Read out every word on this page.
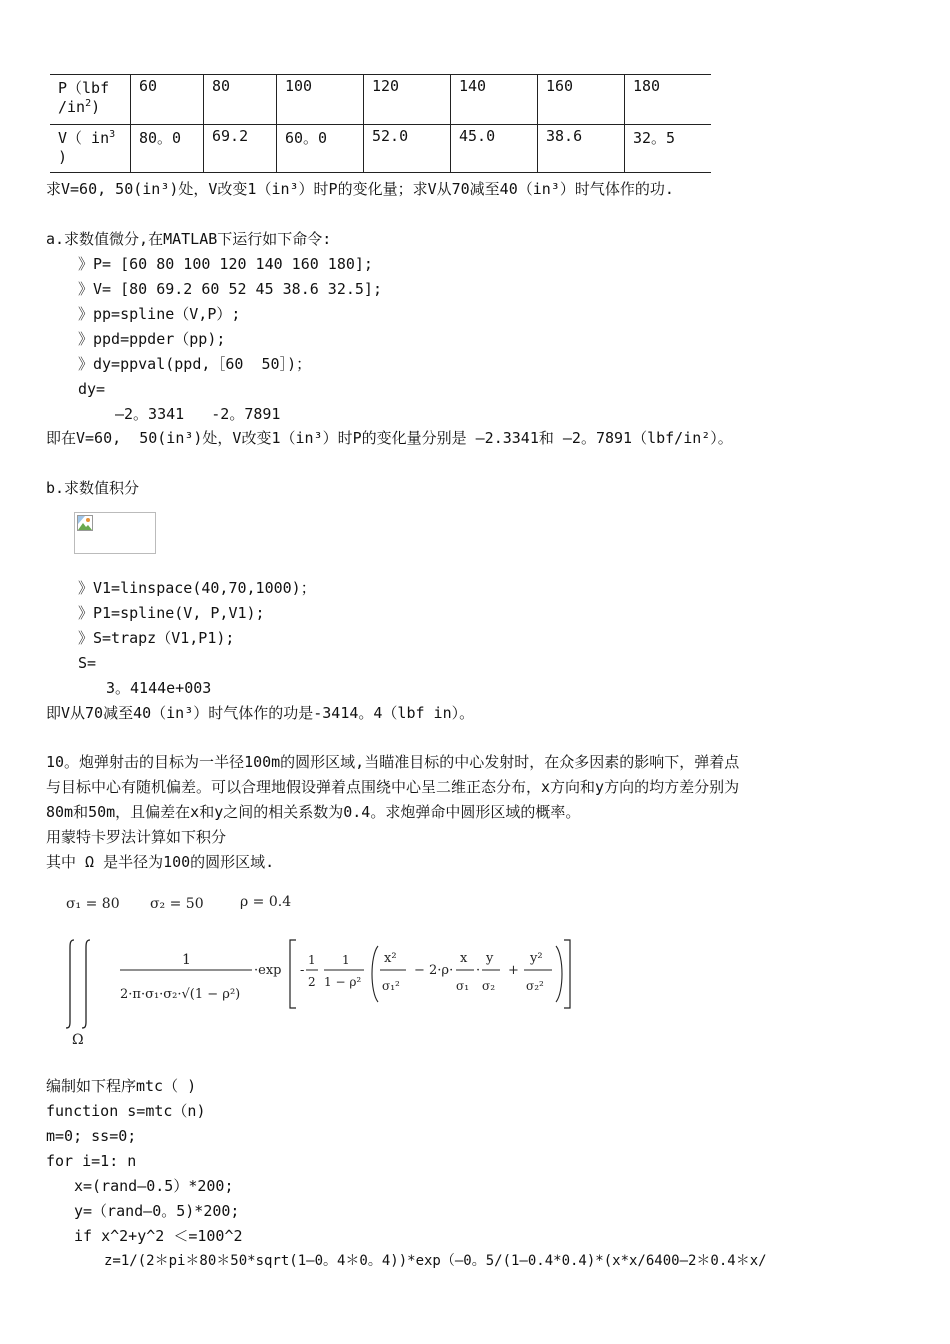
P（lbf
$/in^2$)	60	80	100	120	140	160	180
V（ $in^3$
)	80。0	69.2	60。0	52.0	45.0	38.6	32。5
求V=60, 50(in³)处，V改变1（in³）时P的变化量；求V从70减至40（in³）时气体作的功.
a.求数值微分,在MATLAB下运行如下命令:
》P= [60 80 100 120 140 160 180];
》V= [80 69.2 60 52 45 38.6 32.5];
》pp=spline（V,P）;
》ppd=ppder（pp);
》dy=ppval(ppd,［60  50］)；
dy=
—2。3341   -2。7891
即在V=60,  50(in³)处，V改变1（in³）时P的变化量分别是 —2.3341和 —2。7891（lbf/in²）。
b.求数值积分
》V1=linspace(40,70,1000)；
》P1=spline(V, P,V1);
》S=trapz（V1,P1);
S=
3。4144e+003
即V从70减至40（in³）时气体作的功是-3414。4（lbf in）。
10。炮弹射击的目标为一半径100m的圆形区域,当瞄准目标的中心发射时，在众多因素的影响下，弹着点
与目标中心有随机偏差。可以合理地假设弹着点围绕中心呈二维正态分布，x方向和y方向的均方差分别为
80m和50m，且偏差在x和y之间的相关系数为0.4。求炮弹命中圆形区域的概率。
用蒙特卡罗法计算如下积分
其中 Ω 是半径为100的圆形区域.
σ₁ = 80 σ₂ = 50	ρ = 0.4
Ω
1
2·π·σ₁·σ₂·√(1 − ρ²)
·exp -
1
2
1
1 − ρ²
x²
σ₁²
− 2·ρ·
x
σ₁
·
y
σ₂
+
y²
σ₂²
编制如下程序mtc（ )
function s=mtc（n)
m=0; ss=0;
for i=1: n
x=(rand—0.5）*200;
y=（rand—0。5)*200;
if x^2+y^2 ＜=100^2
z=1/(2＊pi＊80＊50*sqrt(1—0。4＊0。4))*exp（—0。5/(1—0.4*0.4)*(x*x/6400—2＊0.4＊x/
